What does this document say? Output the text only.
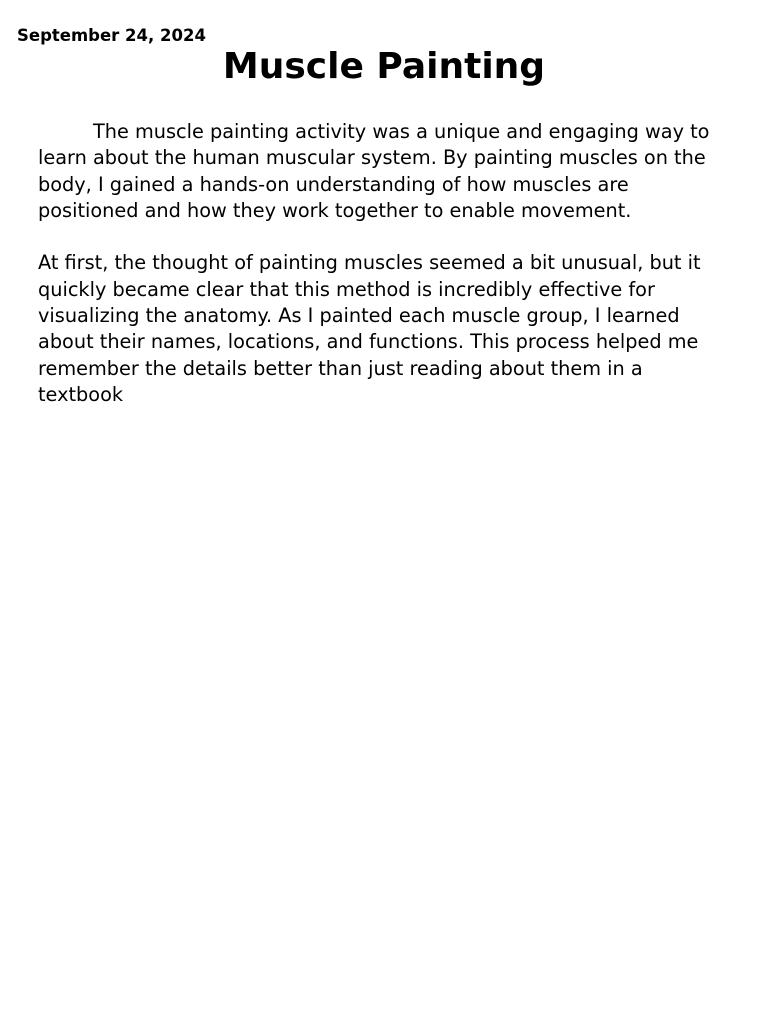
September 24, 2024

Muscle Painting

The muscle painting activity was a unique and engaging way to learn about the human muscular system. By painting muscles on the body, I gained a hands-on understanding of how muscles are positioned and how they work together to enable movement.

At first, the thought of painting muscles seemed a bit unusual, but it quickly became clear that this method is incredibly effective for visualizing the anatomy. As I painted each muscle group, I learned about their names, locations, and functions. This process helped me remember the details better than just reading about them in a textbook
